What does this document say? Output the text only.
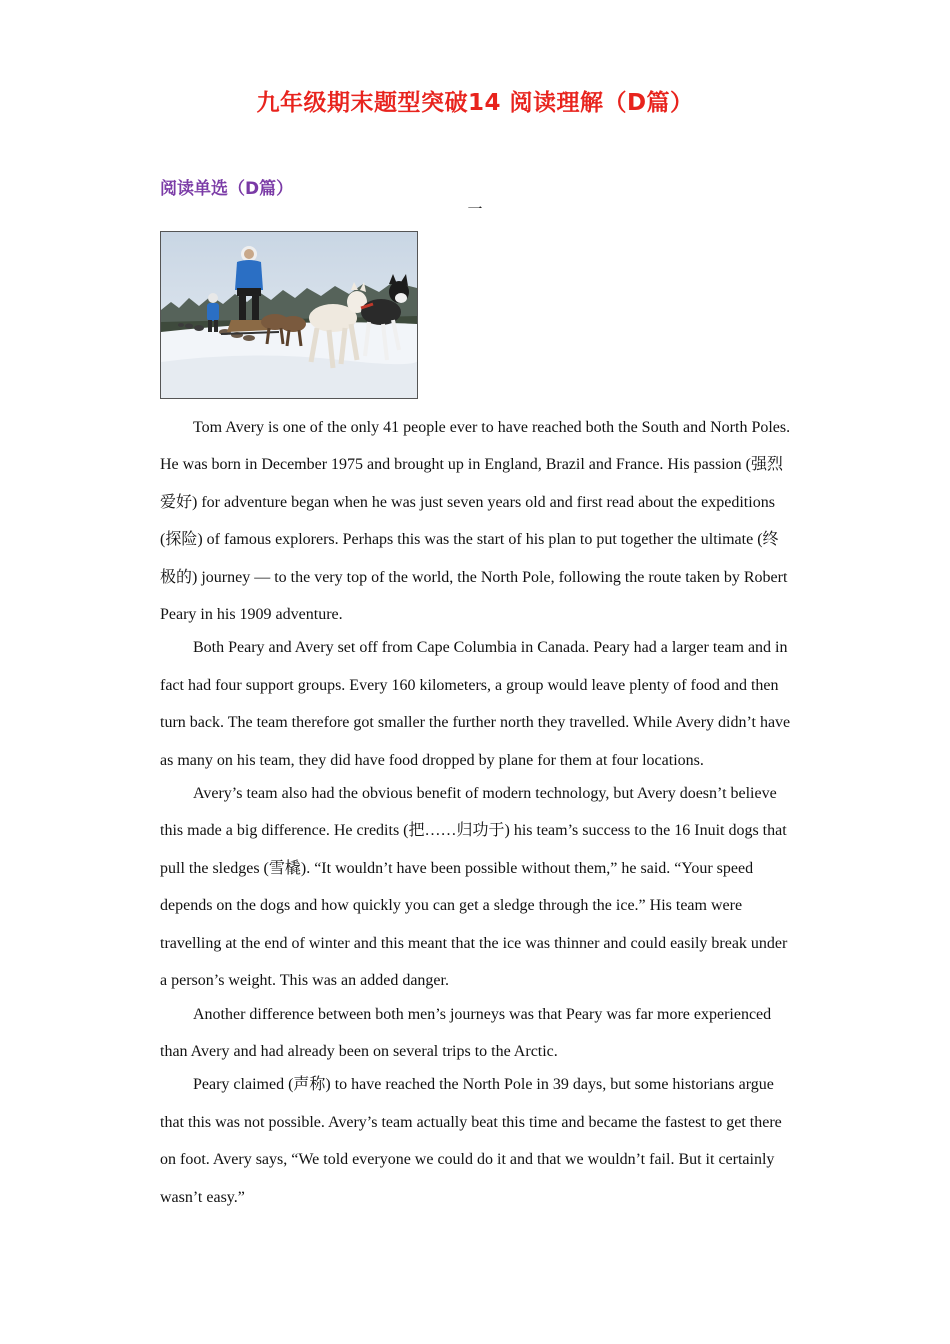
九年级期末题型突破14 阅读理解（D篇）
阅读单选（D篇）
一

Tom Avery is one of the only 41 people ever to have reached both the South and North Poles. He was born in December 1975 and brought up in England, Brazil and France. His passion (强烈爱好) for adventure began when he was just seven years old and first read about the expeditions (探险) of famous explorers. Perhaps this was the start of his plan to put together the ultimate (终极的) journey — to the very top of the world, the North Pole, following the route taken by Robert Peary in his 1909 adventure.

Both Peary and Avery set off from Cape Columbia in Canada. Peary had a larger team and in fact had four support groups. Every 160 kilometers, a group would leave plenty of food and then turn back. The team therefore got smaller the further north they travelled. While Avery didn’t have as many on his team, they did have food dropped by plane for them at four locations.

Avery’s team also had the obvious benefit of modern technology, but Avery doesn’t believe this made a big difference. He credits (把……归功于) his team’s success to the 16 Inuit dogs that pull the sledges (雪橇). “It wouldn’t have been possible without them,” he said. “Your speed depends on the dogs and how quickly you can get a sledge through the ice.” His team were travelling at the end of winter and this meant that the ice was thinner and could easily break under a person’s weight. This was an added danger.

Another difference between both men’s journeys was that Peary was far more experienced than Avery and had already been on several trips to the Arctic.

Peary claimed (声称) to have reached the North Pole in 39 days, but some historians argue that this was not possible. Avery’s team actually beat this time and became the fastest to get there on foot. Avery says, “We told everyone we could do it and that we wouldn’t fail. But it certainly wasn’t easy.”
